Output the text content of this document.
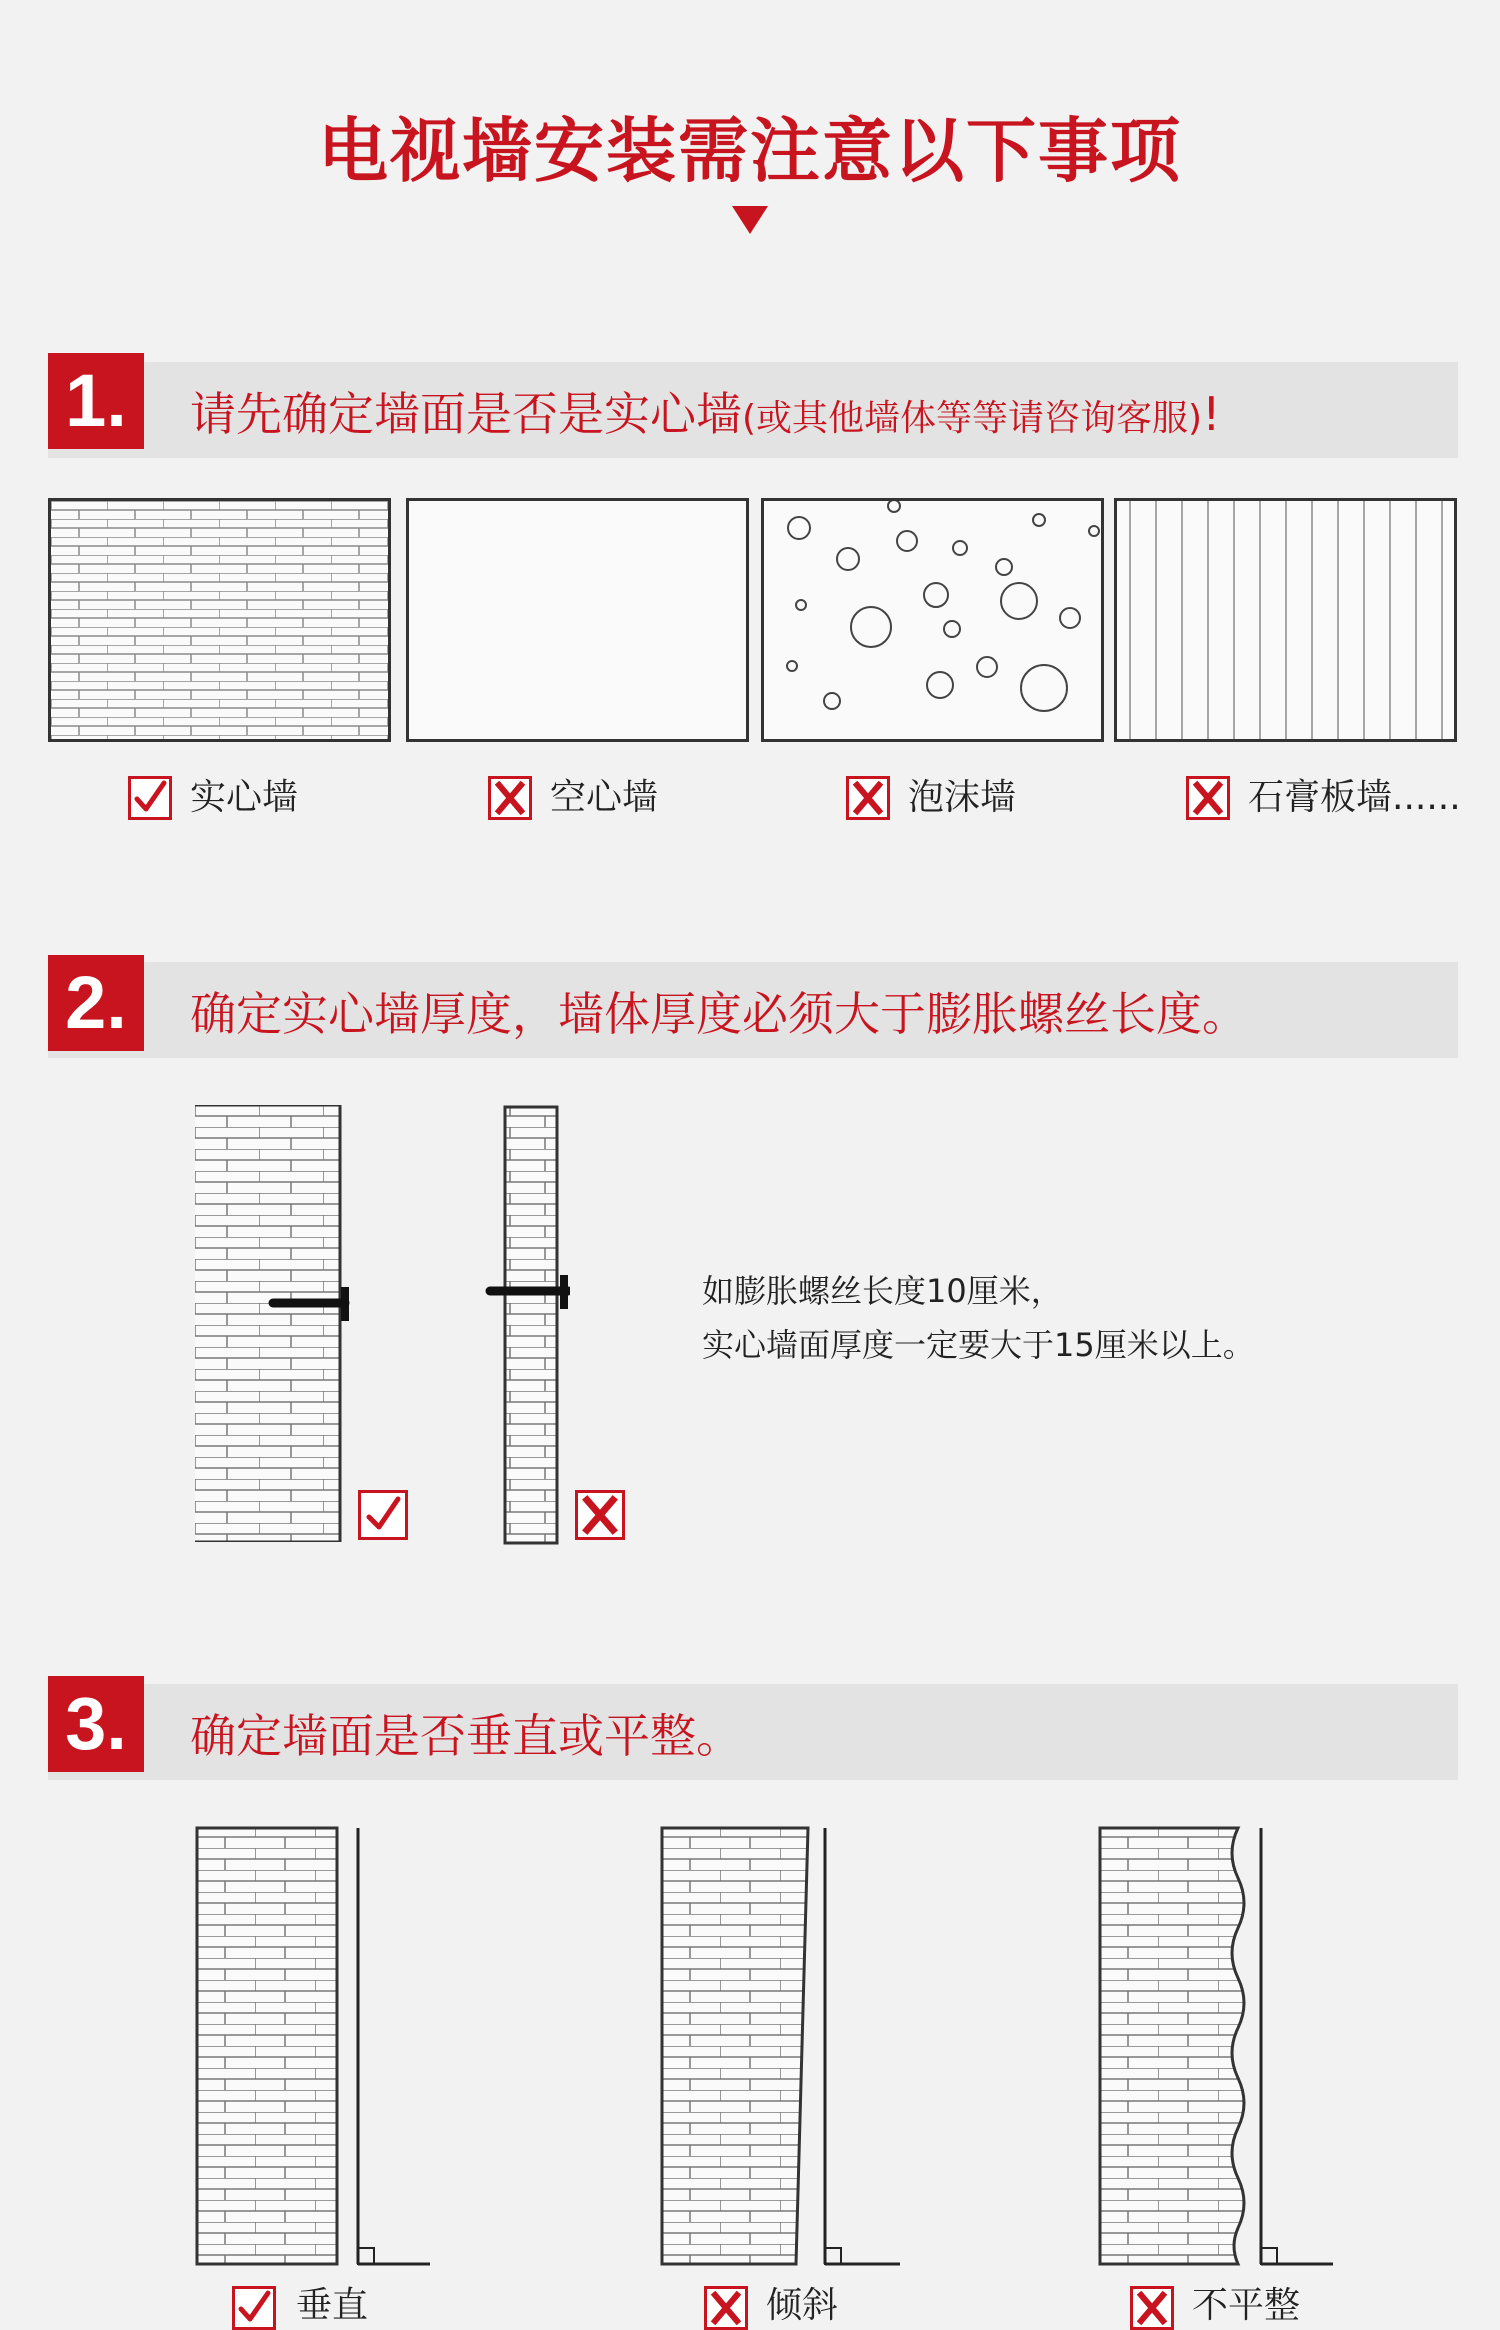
电视墙安装需注意以下事项
1.	请先确定墙面是否是实心墙(或其他墙体等等请咨询客服)!
实心墙	空心墙	泡沫墙	石膏板墙......
2.	确定实心墙厚度，墙体厚度必须大于膨胀螺丝长度。
如膨胀螺丝长度10厘米，
实心墙面厚度一定要大于15厘米以上。
3.	确定墙面是否垂直或平整。
垂直	倾斜	不平整
